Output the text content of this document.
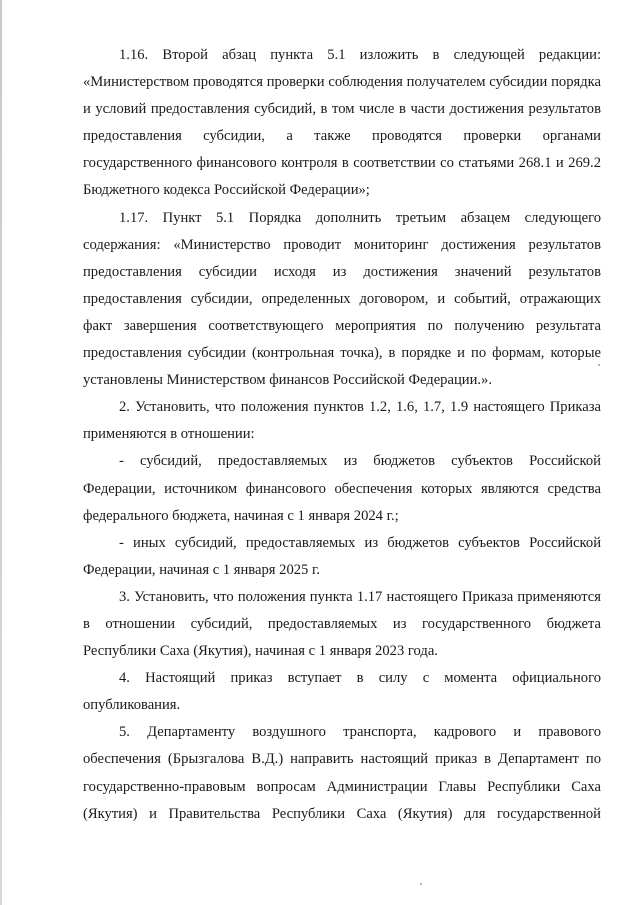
1.16. Второй абзац пункта 5.1 изложить в следующей редакции: «Министерством проводятся проверки соблюдения получателем субсидии порядка и условий предоставления субсидий, в том числе в части достижения результатов предоставления субсидии, а также проводятся проверки органами государственного финансового контроля в соответствии со статьями 268.1 и 269.2 Бюджетного кодекса Российской Федерации»;

1.17. Пункт 5.1 Порядка дополнить третьим абзацем следующего содержания: «Министерство проводит мониторинг достижения результатов предоставления субсидии исходя из достижения значений результатов предоставления субсидии, определенных договором, и событий, отражающих факт завершения соответствующего мероприятия по получению результата предоставления субсидии (контрольная точка), в порядке и по формам, которые установлены Министерством финансов Российской Федерации.».

2. Установить, что положения пунктов 1.2, 1.6, 1.7, 1.9 настоящего Приказа применяются в отношении:

- субсидий, предоставляемых из бюджетов субъектов Российской Федерации, источником финансового обеспечения которых являются средства федерального бюджета, начиная с 1 января 2024 г.;

- иных субсидий, предоставляемых из бюджетов субъектов Российской Федерации, начиная с 1 января 2025 г.

3. Установить, что положения пункта 1.17 настоящего Приказа применяются в отношении субсидий, предоставляемых из государственного бюджета Республики Саха (Якутия), начиная с 1 января 2023 года.

4. Настоящий приказ вступает в силу с момента официального опубликования.

5. Департаменту воздушного транспорта, кадрового и правового обеспечения (Брызгалова В.Д.) направить настоящий приказ в Департамент по государственно-правовым вопросам Администрации Главы Республики Саха (Якутия) и Правительства Республики Саха (Якутия) для государственной
